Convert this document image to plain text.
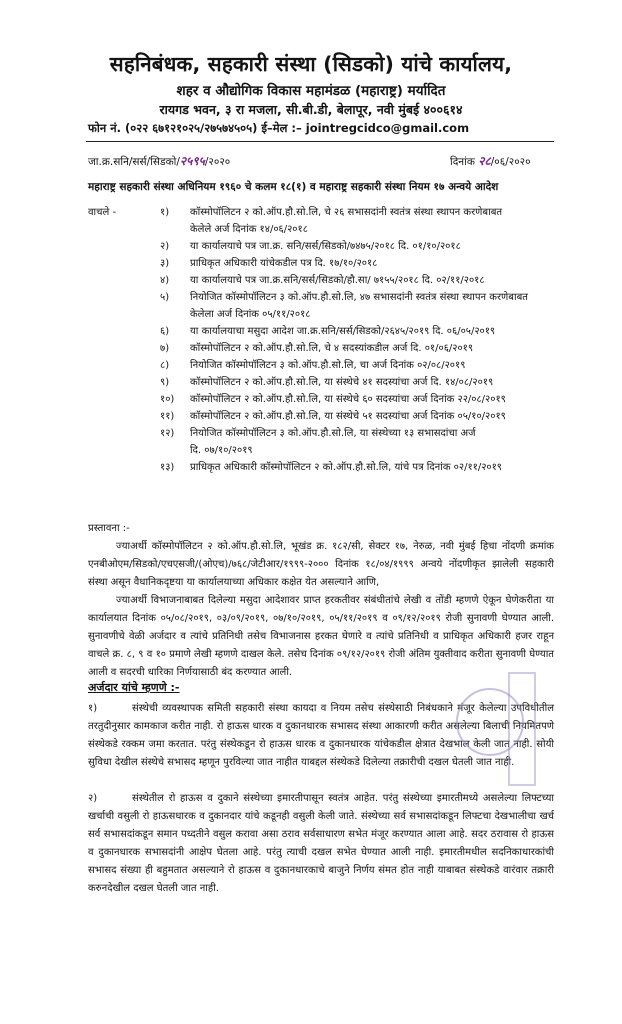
सहनिबंधक, सहकारी संस्था (सिडको) यांचे कार्यालय,
शहर व औद्योगिक विकास महामंडळ (महाराष्ट्र) मर्यादित
रायगड भवन, ३ रा मजला, सी.बी.डी, बेलापूर, नवी मुंबई ४००६१४
फोन नं. (०२२ ६७१२१०२५/२७५७४५०५) ई–मेल :– jointregcidco@gmail.com
जा.क्र.सनि/सर्स/सिडको/२५९५/२०२०	दिनांक २८/०६/२०२०
महाराष्ट्र सहकारी संस्था अधिनियम १९६० चे कलम १८(१) व महाराष्ट्र सहकारी संस्था नियम १७ अन्वये आदेश
वाचले -	१)	कॉस्मोपॉलिटन २ को.ऑप.हौ.सो.लि, चे २६ सभासदांनी स्वतंत्र संस्था स्थापन करणेबाबत
केलेले अर्ज दिनांक १४/०६/२०१८
२)	या कार्यालयाचे पत्र जा.क्र. सनि/सर्स/सिडको/७४७५/२०१८ दि. ०१/१०/२०१८
३)	प्राधिकृत अधिकारी यांचेकडील पत्र दि. १७/१०/२०१८
४)	या कार्यालयाचे पत्र जा.क्र.सनि/सर्स/सिडको/हौ.सा/ ७१५५/२०१८ दि. ०२/११/२०१८
५)	नियोजित कॉस्मोपॉलिटन ३ को.ऑप.हौ.सो.लि, ४७ सभासदांनी स्वतंत्र संस्था स्थापन करणेबाबत
केलेला अर्ज दिनांक ०५/११/२०१८
६)	या कार्यालयाचा मसुदा आदेश जा.क्र.सनि/सर्स/सिडको/२६४५/२०१९ दि. ०६/०५/२०१९
७)	कॉस्मोपॉलिटन २ को.ऑप.हौ.सो.लि, चे ४ सदस्यांकडील अर्ज दि. ०१/०६/२०१९
८)	नियोजित कॉस्मोपॉलिटन ३ को.ऑप.हौ.सो.लि, चा अर्ज दिनांक ०२/०८/२०१९
९)	कॉस्मोपॉलिटन २ को.ऑप.हौ.सो.लि, या संस्थेचे ४१ सदस्यांचा अर्ज दि. १४/०८/२०१९
१०)	कॉस्मोपॉलिटन २ को.ऑप.हौ.सो.लि, या संस्थेचे ६० सदस्यांचा अर्ज दिनांक २२/०८/२०१९
११)	कॉस्मोपॉलिटन २ को.ऑप.हौ.सो.लि, या संस्थेचे ५१ सदस्यांचा अर्ज दिनांक ०५/१०/२०१९
१२)	नियोजित कॉस्मोपॉलिटन ३ को.ऑप.हौ.सो.लि, या संस्थेच्या १३ सभासदांचा अर्ज
दि. ०७/१०/२०१९
१३)	प्राधिकृत अधिकारी कॉस्मोपॉलिटन २ को.ऑप.हौ.सो.लि, यांचे पत्र दिनांक ०२/११/२०१९
प्रस्तावना :-
ज्याअर्थी कॉस्मोपॉलिटन २ को.ऑप.हौ.सो.लि, भूखंड क्र. १८२/सी, सेक्टर १७, नेरुळ, नवी मुंबई हिचा नोंदणी क्रमांक एनबीओएम/सिडको/एचएसजी/(ओएच)/७६८/जेटीआर/१९९९-२००० दिनांक १८/०४/१९९९ अन्वये नोंदणीकृत झालेली सहकारी संस्था असून वैधानिकदृष्टया या कार्यालयाच्या अधिकार कक्षेत येत असल्याने आणि,
ज्याअर्थी विभाजनाबाबत दिलेल्या मसुदा आदेशावर प्राप्त हरकतीवर संबंधीतांचे लेखी व तोंडी म्हणणे ऐकून घेणेकरीता या कार्यालयात दिनांक ०५/०८/२०१९, ०३/०९/२०१९, ०७/१०/२०१९, ०५/११/२०१९ व ०९/१२/२०१९ रोजी सुनावणी घेण्यात आली. सुनावणीचे वेळी अर्जदार व त्यांचे प्रतिनिधी तसेच विभाजनास हरकत घेणारे व त्यांचे प्रतिनिधी व प्राधिकृत अधिकारी हजर राहून वाचले क्र. ८, ९ व १० प्रमाणे लेखी म्हणणे दाखल केले. तसेच दिनांक ०९/१२/२०१९ रोजी अंतिम युक्तीवाद करीता सुनावणी घेण्यात आली व सदरची धारिका निर्णयासाठी बंद करण्यात आली.
अर्जदार यांचे म्हणणे :-
१)	संस्थेची व्यवस्थापक समिती सहकारी संस्था कायदा व नियम तसेच संस्थेसाठी निबंधकाने मंजूर केलेल्या उपविधीतील तरतुदीनुसार कामकाज करीत नाही. रो हाऊस धारक व दुकानधारक सभासद संस्था आकारणी करीत असलेल्या बिलाची नियमितपणे संस्थेकडे रक्कम जमा करतात. परंतु संस्थेकडून रो हाऊस धारक व दुकानधारक यांचेकडील क्षेत्रात देखभाल केली जात नाही. सोयी सुविधा देखील संस्थेचे सभासद म्हणून पुरविल्या जात नाहीत याबद्दल संस्थेकडे दिलेल्या तक्रारीची दखल घेतली जात नाही.
२)	संस्थेतील रो हाऊस व दुकाने संस्थेच्या इमारतीपासून स्वतंत्र आहेत. परंतु संस्थेच्या इमारतीमध्ये असलेल्या लिफ्टच्या खर्चाची वसुली रो हाऊसधारक व दुकानदार यांचे कडूनही वसुली केली जाते. संस्थेच्या सर्व सभासदांकडून लिफ्टचा देखभालीचा खर्च सर्व सभासदांकडून समान पध्दतीने वसुल करावा असा ठराव सर्वसाधारण सभेत मंजूर करण्यात आला आहे. सदर ठरावास रो हाऊस व दुकानधारक सभासदांनी आक्षेप घेतला आहे. परंतु त्याची दखल सभेत घेण्यात आली नाही. इमारतीमधील सदनिकाधारकांची सभासद संख्या ही बहुमतात असल्याने रो हाऊस व दुकानधारकाचे बाजुने निर्णय संमत होत नाही याबाबत संस्थेकडे वारंवार तक्रारी करुनदेखील दखल घेतली जात नाही.
